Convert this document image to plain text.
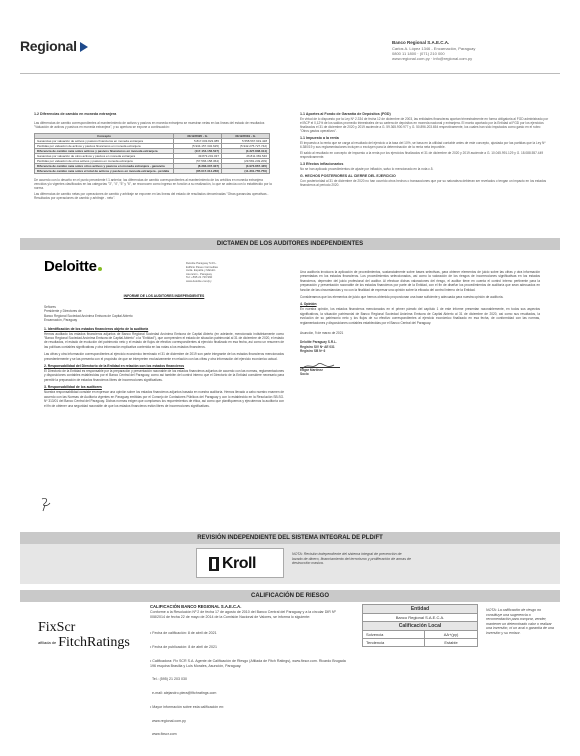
Regional	Banco Regional S.A.E.C.A.
Carlos A. López 1346 - Encarnación, Paraguay
0800 11 1800 · (071) 210 000
www.regional.com.py · info@regional.com.py
1.2 Diferencias de cambio en moneda extranjera
Las diferencias de cambio correspondientes al mantenimiento de activos y pasivos en moneda extranjera se muestran netas en las líneas del estado de resultados "Valuación de activos y pasivos en moneda extranjera", y su apertura se expone a continuación:
Concepto	31/12/2020 - G.	31/12/2019 - G.
Ganancias por valuación de activos y pasivos financieros en moneda extranjera	5.817.003.823.085	5.558.567.919.428
Pérdidas por valuación de activos y pasivos financieros en moneda extranjera	(5.934.157.332.625)	(5.942.275.727.742)
Diferencia de cambio neta sobre activos y pasivos financieros en moneda extranjera	(117.154.156.527)	(3.327.808.314)
Ganancias por valuación de otros activos y pasivos en moneda extranjera	49.873.201.037	26.811.381.546
Pérdidas por valuación de otros activos y pasivos en moneda extranjera	(57.566.158.364)	(29.581.249.209)
Diferencia de cambio neta sobre otros activos y pasivos en moneda extranjera - ganancia	(8.283.337.327)	(3.973.867.435)
Diferencia de cambio neta sobre el total de activos y pasivos en moneda extranjera - pérdida	(85.017.314.266)	(11.301.755.750)
De acuerdo con lo descrito en el punto precedente f.1 anterior, las diferencias de cambio correspondientes al mantenimiento de los créditos en moneda extranjera vencidos y/o vigentes clasificados en las categorías "3", "4", "5" y "6", se reconocen como ingreso en función a su realización, lo que se adecúa con lo establecido por la norma.
Las diferencias de cambio netas por operaciones de cambio y arbitraje se exponen en las líneas del estado de resultados denominadas "Otras ganancias operativas - Resultados por operaciones de cambio y arbitraje - neto".
1.1 Aportes al Fondo de Garantía de Depósitos (FGD)
En virtud de lo dispuesto por la Ley Nº 2.334 de fecha 12 de diciembre de 2003, las entidades financieras aportan trimestralmente en forma obligatoria al FGD administrado por el BCP el 0,12% de los saldos promedio trimestrales de su cartera de depósitos en moneda nacional y extranjera. El monto aportado por la Entidad al FGD por los ejercicios finalizados el 31 de diciembre de 2020 y 2019 asciende a G. 59.365.900.977 y G. 50.896.203.654 respectivamente, los cuales han sido imputados como gasto en el rubro "Otros gastos operativos".
1.1 Impuesto a la renta
El impuesto a la renta que se carga al resultado del ejercicio a la tasa del 10%, se basa en la utilidad contable antes de este concepto, ajustada por las partidas que la Ley Nº 6.380/19 y sus reglamentaciones incluyen o excluyen para la determinación de la renta neta imponible.
El saldo al resultado en concepto de impuesto a la renta por los ejercicios finalizados el 31 de diciembre de 2020 y 2019 asciende a G. 10.045.991.129 y G. 18.088.557.449 respectivamente.
1.3 Efectos inflacionarios
No se han aplicado procedimientos de ajuste por inflación, salvo lo mencionado en la nota c.5.
G. HECHOS POSTERIORES AL CIERRE DEL EJERCICIO
Con posterioridad al 31 de diciembre de 2020 no han ocurrido otros hechos o transacciones que por su naturaleza debieran ser revelados o tengan un impacto en los estados financieros al período 2020.
DICTAMEN DE LOS AUDITORES INDEPENDIENTES
Deloitte	Deloitte Paraguay S.R.L.
Edificio Paseo Carmelitas
Avda. España y Malutin
Asunción - Paraguay
Tel: +595 21 726 960
www.deloitte.com/py
INFORME DE LOS AUDITORES INDEPENDIENTES
Señores
Presidente y Directores de
Banco Regional Sociedad Anónima Emisora de Capital Abierto
Encarnación, Paraguay
1. Identificación de los estados financieros objeto de la auditoría
Hemos auditado los estados financieros adjuntos de Banco Regional Sociedad Anónima Emisora de Capital Abierto (en adelante, mencionado indistintamente como "Banco Regional Sociedad Anónima Emisora de Capital Abierto" o la "Entidad"), que comprenden el estado de situación patrimonial al 31 de diciembre de 2020, el estado de resultados, el estado de evolución del patrimonio neto y el estado de flujos de efectivo correspondientes al ejercicio finalizado en esa fecha, así como un resumen de las políticas contables significativas y otra información explicativa contenida en las notas a los estados financieros.
Las cifras y otra información correspondientes al ejercicio económico terminado el 31 de diciembre de 2019 son parte integrante de los estados financieros mencionados precedentemente y se las presenta con el propósito de que se interpreten exclusivamente en relación con las cifras y otra información del ejercicio económico actual.
2. Responsabilidad del Directorio de la Entidad en relación con los estados financieros
El Directorio de la Entidad es responsable por la preparación y presentación razonable de los estados financieros adjuntos de acuerdo con las normas, reglamentaciones y disposiciones contables establecidas por el Banco Central del Paraguay, como así también del control interno que el Directorio de la Entidad considere necesario para permitir la preparación de estados financieros libres de incorrecciones significativas.
3. Responsabilidad de los auditores
Nuestra responsabilidad consiste en expresar una opinión sobre los estados financieros adjuntos basada en nuestra auditoría. Hemos llevado a cabo nuestro examen de acuerdo con las Normas de Auditoría vigentes en Paraguay emitidas por el Consejo de Contadores Públicos del Paraguay y con lo establecido en la Resolución SB.SG. Nº 313/01 del Banco Central del Paraguay. Dichas normas exigen que cumplamos los requerimientos de ética, así como que planifiquemos y ejecutemos la auditoría con el fin de obtener una seguridad razonable de que los estados financieros están libres de incorrecciones significativas.
Una auditoría involucra la aplicación de procedimientos, sustancialmente sobre bases selectivas, para obtener elementos de juicio sobre las cifras y otra información presentadas en los estados financieros. Los procedimientos seleccionados, así como la valoración de los riesgos de incorrecciones significativas en los estados financieros, dependen del juicio profesional del auditor. Al efectuar dichas valoraciones del riesgo, el auditor tiene en cuenta el control interno pertinente para la preparación y presentación razonable de los estados financieros por parte de la Entidad, con el fin de diseñar los procedimientos de auditoría que sean adecuados en función de las circunstancias y no con la finalidad de expresar una opinión sobre la eficacia del control interno de la Entidad.
Consideramos que los elementos de juicio que hemos obtenido proporcionan una base suficiente y adecuada para nuestra opinión de auditoría.
4. Opinión
En nuestra opinión, los estados financieros mencionados en el primer párrafo del capítulo 1 de este informe presentan razonablemente, en todos sus aspectos significativos, la situación patrimonial de Banco Regional Sociedad Anónima Emisora de Capital Abierto al 31 de diciembre de 2020, así como sus resultados, la evolución de su patrimonio neto y los flujos de su efectivo correspondientes al ejercicio económico finalizado en esa fecha, de conformidad con las normas, reglamentaciones y disposiciones contables establecidas por el Banco Central del Paraguay.
Asunción, 9 de marzo de 2021
Deloitte Paraguay S.R.L.
Registro SIV Nº AE 031
Registro SB Nº 6
Edgar Martínez
Socio
REVISIÓN INDEPENDIENTE DEL SISTEMA INTEGRAL DE PLD/FT
Kroll
NOTA: Revisión independiente del sistema integral de prevención de lavado de dinero, financiamiento del terrorismo y proliferación de armas de destrucción masiva.
CALIFICACIÓN DE RIESGO
FixScr
afiliada de FitchRatings
CALIFICACIÓN BANCO REGIONAL S.A.E.C.A.
Conforme a la Resolución Nº 2 de fecha 17 de agosto de 2010 del Banco Central del Paraguay y a la circular DIR Nº 008/2014 de fecha 22 de mayo de 2014 de la Comisión Nacional de Valores, se informa lo siguiente:

• Fecha de calificación: 8 de abril de 2021

• Fecha de publicación: 8 de abril de 2021

• Calificadora: Fix SCR S.A. Agente de Calificación de Riesgo (Afiliada de Fitch Ratings), www.fixscr.com. Ricardo Brugada 196 esquina Brasilia y Luis Morales, Asunción, Paraguay.

Tel.: (595) 21 203 030

e-mail: alejandro.piera@fitchratings.com

• Mayor información sobre esta calificación en:

www.regional.com.py

www.fixscr.com

Entidad	
Banco Regional S.A.E.C.A.	
Calificación Local	
Solvencia	AA+(py)
Tendencia	Estable
NOTA: La calificación de riesgo no constituye una sugerencia o recomendación para comprar, vender, mantener un determinado valor o realizar una inversión, ni un aval o garantía de una inversión y su emisor.
